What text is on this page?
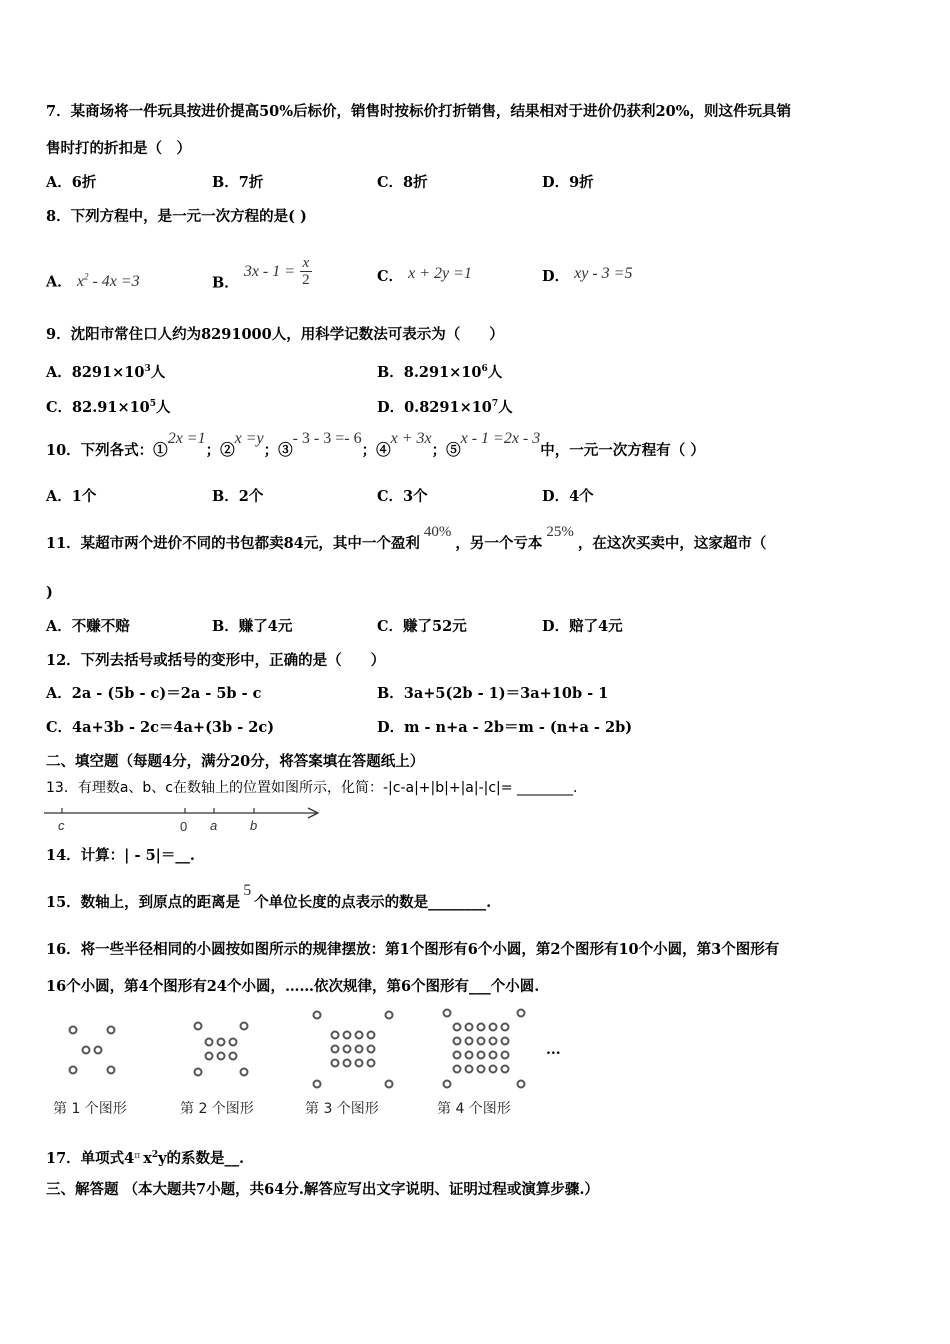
7．某商场将一件玩具按进价提高50%后标价，销售时按标价打折销售，结果相对于进价仍获利20%，则这件玩具销
售时打的折扣是（　）
A．6折	B．7折	C．8折	D．9折
8．下列方程中，是一元一次方程的是( )
A． $x^2 - 4x =3$	B． $3x - 1 = \frac{x}{2}$	C． x + 2y =1	D． xy - 3 =5
9．沈阳市常住口人约为8291000人，用科学记数法可表示为（　　）
A．$8291\times 10^3$人	B．$8.291\times 10^6$人
C．$82.91\times 10^5$人	D．$0.8291\times 10^7$人
10．下列各式：①2x =1；②x =y；③- 3 - 3 =- 6；④x + 3x；⑤x - 1 =2x - 3中，一元一次方程有（ ）
A．1个	B．2个	C．3个	D．4个
11．某超市两个进价不同的书包都卖84元，其中一个盈利40%，另一个亏本25%，在这次买卖中，这家超市（
)
A．不赚不赔	B．赚了4元	C．赚了52元	D．赔了4元
12．下列去括号或括号的变形中，正确的是（　　）
A．2a - (5b - c)＝2a - 5b - c	B．3a+5(2b - 1)＝3a+10b - 1
C．4a+3b - 2c＝4a+(3b - 2c)	D．m - n+a - 2b＝m - (n+a - 2b)
二、填空题（每题4分，满分20分，将答案填在答题纸上）
13．有理数a、b、c在数轴上的位置如图所示，化简：-|c-a|+|b|+|a|-|c|= ________.
c	0 a	b
14．计算：| - 5|＝__.
15．数轴上，到原点的距离是5个单位长度的点表示的数是________.
16．将一些半径相同的小圆按如图所示的规律摆放：第1个图形有6个小圆，第2个图形有10个小圆，第3个图形有
16个小圆，第4个图形有24个小圆，……依次规律，第6个图形有___个小圆.
...
第 1 个图形	第 2 个图形	第 3 个图形	第 4 个图形
17．单项式$4^\pi$ $x^2y$的系数是__.
三、解答题 （本大题共7小题，共64分.解答应写出文字说明、证明过程或演算步骤.）
